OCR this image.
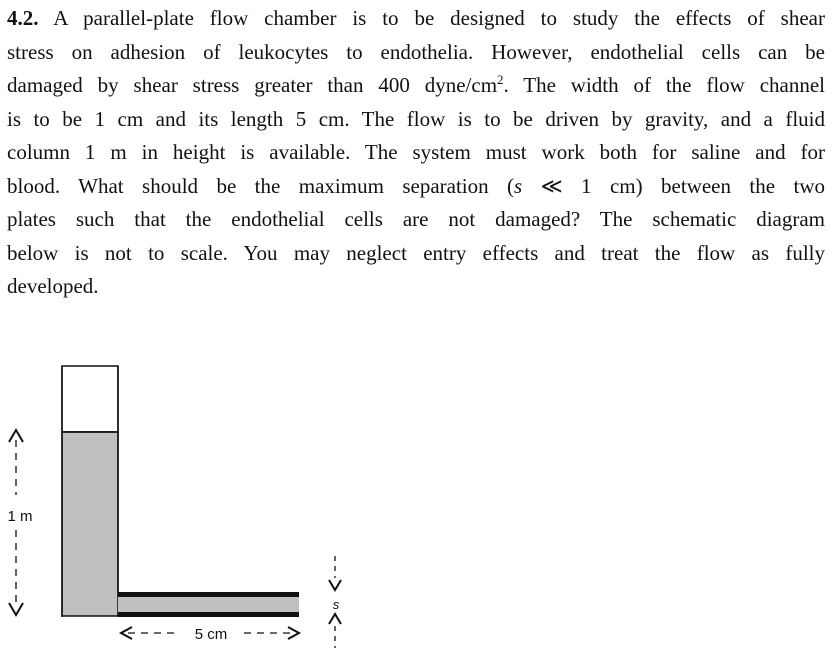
4.2. A parallel-plate flow chamber is to be designed to study the effects of shear
stress on adhesion of leukocytes to endothelia. However, endothelial cells can be
damaged by shear stress greater than 400 dyne/$cm^2$. The width of the flow channel
is to be 1 cm and its length 5 cm. The flow is to be driven by gravity, and a fluid
column 1 m in height is available. The system must work both for saline and for
blood. What should be the maximum separation (s ≪ 1 cm) between the two
plates such that the endothelial cells are not damaged? The schematic diagram
below is not to scale. You may neglect entry effects and treat the flow as fully
developed.
1 m
5 cm
s
